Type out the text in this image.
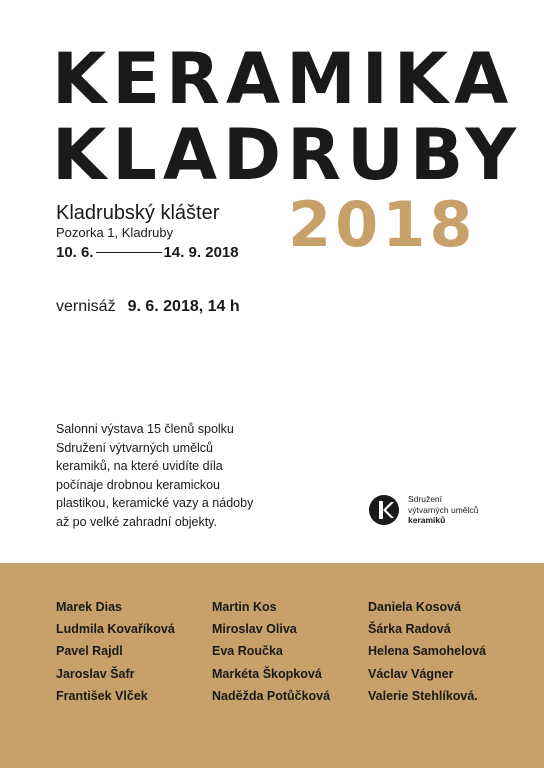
KERAMIKA
KLADRUBY
2018
Kladrubský klášter
Pozorka 1, Kladruby
10. 6.	14. 9. 2018
vernisáž 9. 6. 2018, 14 h
Salonni výstava 15 členů spolku
Sdružení výtvarných umělců
keramiků, na které uvidíte díla
počínaje drobnou keramickou
plastikou, keramické vazy a nádoby
až po velké zahradní objekty.
Sdružení
výtvarných umělců
keramiků
Marek Dias
Ludmila Kovaříková
Pavel Rajdl
Jaroslav Šafr
František Vlček
Martin Kos
Miroslav Oliva
Eva Roučka
Markéta Škopková
Naděžda Potůčková
Daniela Kosová
Šárka Radová
Helena Samohelová
Václav Vágner
Valerie Stehlíková.
